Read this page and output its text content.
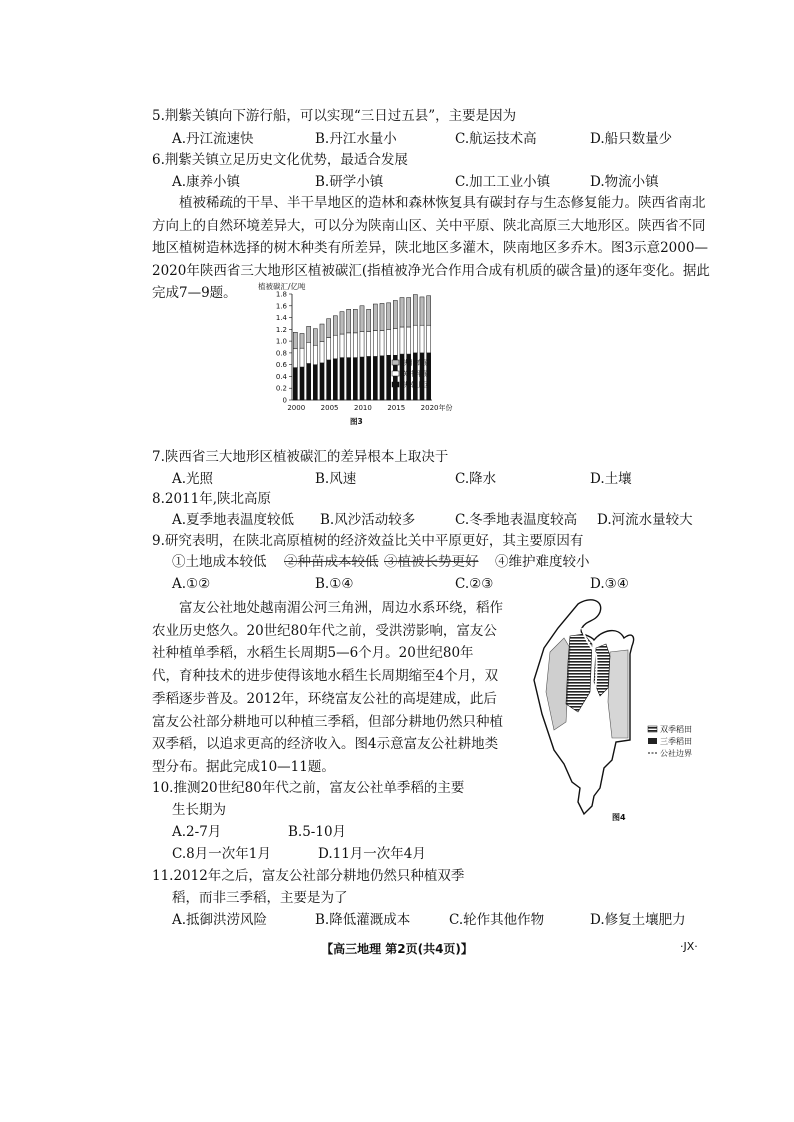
5.荆紫关镇向下游行船，可以实现“三日过五县”，主要是因为
A.丹江流速快	B.丹江水量小	C.航运技术高	D.船只数量少
6.荆紫关镇立足历史文化优势，最适合发展
A.康养小镇	B.研学小镇	C.加工工业小镇	D.物流小镇

植被稀疏的干旱、半干旱地区的造林和森林恢复具有碳封存与生态修复能力。陕西省南北

方向上的自然环境差异大，可以分为陕南山区、关中平原、陕北高原三大地形区。陕西省不同

地区植树造林选择的树木种类有所差异，陕北地区多灌木，陕南地区多乔木。图3示意2000—

2020年陕西省三大地形区植被碳汇(指植被净光合作用合成有机质的碳含量)的逐年变化。据此

完成7—9题。	植被碳汇/亿吨
0
0.2
0.4
0.6
0.8
1.0
1.2
1.4
1.6
1.8
2000 2005 2010 2015 2020年份
陕北高原
关中平原
陕南山区
图3
7.陕西省三大地形区植被碳汇的差异根本上取决于
A.光照	B.风速	C.降水	D.土壤
8.2011年,陕北高原
A.夏季地表温度较低 B.风沙活动较多	C.冬季地表温度较高 D.河流水量较大
9.研究表明，在陕北高原植树的经济效益比关中平原更好，其主要原因有
①土地成本较低 ②种苗成本较低 ③植被长势更好 ④维护难度较小
A.①②	B.①④	C.②③	D.③④

富友公社地处越南湄公河三角洲，周边水系环绕，稻作

农业历史悠久。20世纪80年代之前，受洪涝影响，富友公

社种植单季稻，水稻生长周期5—6个月。20世纪80年

代，育种技术的进步使得该地水稻生长周期缩至4个月，双

季稻逐步普及。2012年，环绕富友公社的高堤建成，此后

富友公社部分耕地可以种植三季稻，但部分耕地仍然只种植

双季稻，以追求更高的经济收入。图4示意富友公社耕地类

型分布。据此完成10—11题。

双季稻田
三季稻田
公社边界
图4
10.推测20世纪80年代之前，富友公社单季稻的主要
生长期为
A.2-7月	B.5-10月
C.8月一次年1月	D.11月一次年4月
11.2012年之后，富友公社部分耕地仍然只种植双季
稻，而非三季稻，主要是为了
A.抵御洪涝风险	B.降低灌溉成本	C.轮作其他作物	D.修复土壤肥力
【高三地理 第2页(共4页)】	·JX·
